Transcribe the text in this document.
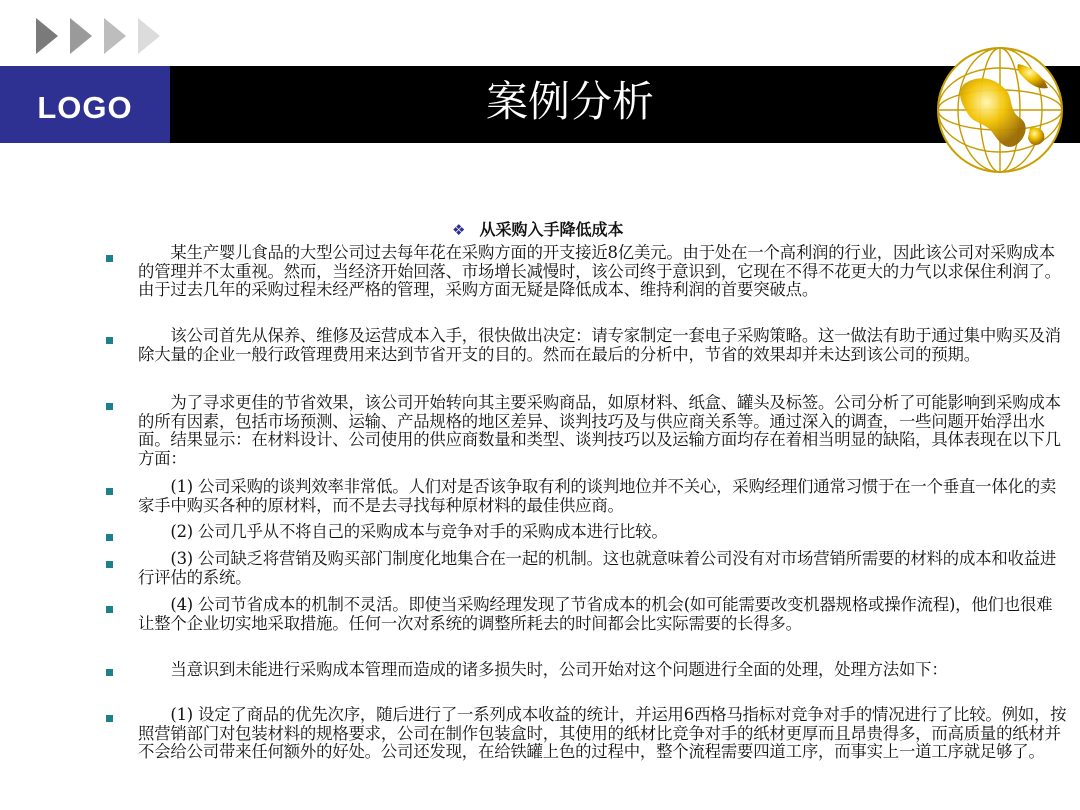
LOGO	案例分析
❖ 从采购入手降低成本
　　某生产婴儿食品的大型公司过去每年花在采购方面的开支接近8亿美元。由于处在一个高利润的行业，因此该公司对采购成本的管理并不太重视。然而，当经济开始回落、市场增长减慢时，该公司终于意识到，它现在不得不花更大的力气以求保住利润了。由于过去几年的采购过程未经严格的管理，采购方面无疑是降低成本、维持利润的首要突破点。
　　该公司首先从保养、维修及运营成本入手，很快做出决定：请专家制定一套电子采购策略。这一做法有助于通过集中购买及消除大量的企业一般行政管理费用来达到节省开支的目的。然而在最后的分析中，节省的效果却并未达到该公司的预期。
　　为了寻求更佳的节省效果，该公司开始转向其主要采购商品，如原材料、纸盒、罐头及标签。公司分析了可能影响到采购成本的所有因素，包括市场预测、运输、产品规格的地区差异、谈判技巧及与供应商关系等。通过深入的调查，一些问题开始浮出水面。结果显示：在材料设计、公司使用的供应商数量和类型、谈判技巧以及运输方面均存在着相当明显的缺陷，具体表现在以下几方面：
　　(1) 公司采购的谈判效率非常低。人们对是否该争取有利的谈判地位并不关心，采购经理们通常习惯于在一个垂直一体化的卖家手中购买各种的原材料，而不是去寻找每种原材料的最佳供应商。
　　(2) 公司几乎从不将自己的采购成本与竞争对手的采购成本进行比较。
　　(3) 公司缺乏将营销及购买部门制度化地集合在一起的机制。这也就意味着公司没有对市场营销所需要的材料的成本和收益进行评估的系统。
　　(4) 公司节省成本的机制不灵活。即使当采购经理发现了节省成本的机会(如可能需要改变机器规格或操作流程)，他们也很难让整个企业切实地采取措施。任何一次对系统的调整所耗去的时间都会比实际需要的长得多。
　　当意识到未能进行采购成本管理而造成的诸多损失时，公司开始对这个问题进行全面的处理，处理方法如下：
　　(1) 设定了商品的优先次序，随后进行了一系列成本收益的统计，并运用6西格马指标对竞争对手的情况进行了比较。例如，按照营销部门对包装材料的规格要求，公司在制作包装盒时，其使用的纸材比竞争对手的纸材更厚而且昂贵得多，而高质量的纸材并不会给公司带来任何额外的好处。公司还发现，在给铁罐上色的过程中，整个流程需要四道工序，而事实上一道工序就足够了。
